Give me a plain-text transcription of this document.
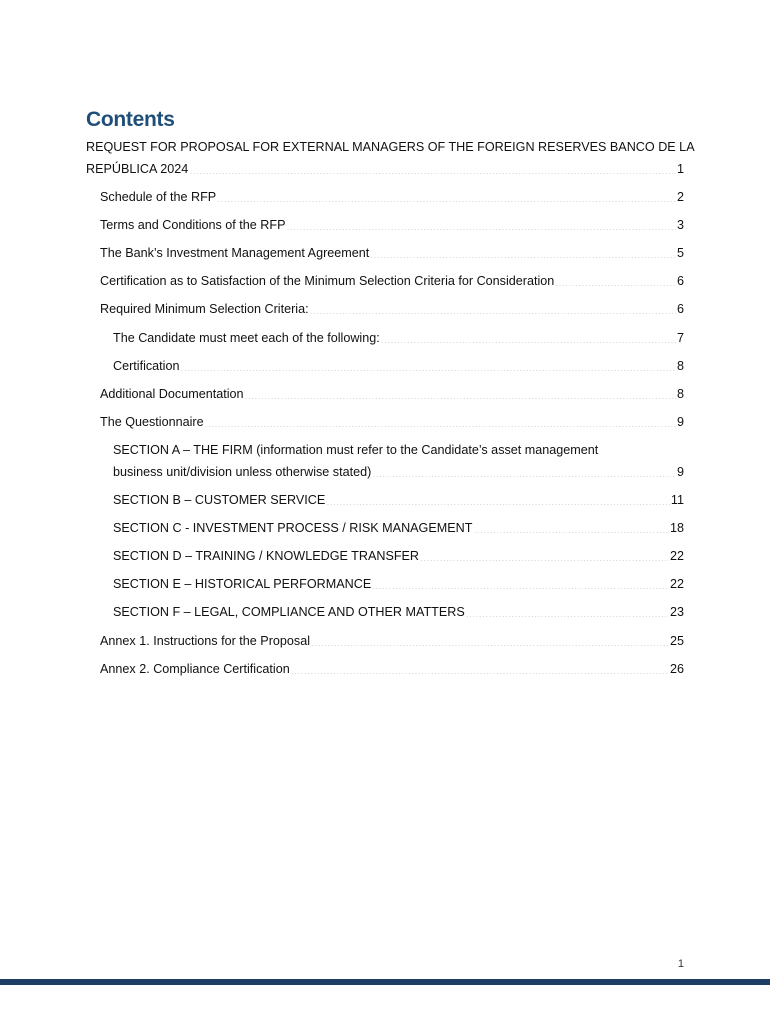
Contents
REQUEST FOR PROPOSAL FOR EXTERNAL MANAGERS OF THE FOREIGN RESERVES BANCO DE LA
REPÚBLICA 2024 .....	1
Schedule of the RFP .....	2
Terms and Conditions of the RFP .....	3
The Bank’s Investment Management Agreement .....	5
Certification as to Satisfaction of the Minimum Selection Criteria for Consideration .....	6
Required Minimum Selection Criteria: .....	6
The Candidate must meet each of the following: .....	7
Certification .....	8
Additional Documentation .....	8
The Questionnaire .....	9
SECTION A – THE FIRM (information must refer to the Candidate’s asset management
business unit/division unless otherwise stated) .....	9
SECTION B – CUSTOMER SERVICE .....	11
SECTION C - INVESTMENT PROCESS / RISK MANAGEMENT .....	18
SECTION D – TRAINING / KNOWLEDGE TRANSFER .....	22
SECTION E – HISTORICAL PERFORMANCE .....	22
SECTION F – LEGAL, COMPLIANCE AND OTHER MATTERS .....	23
Annex 1. Instructions for the Proposal .....	25
Annex 2. Compliance Certification .....	26
1
